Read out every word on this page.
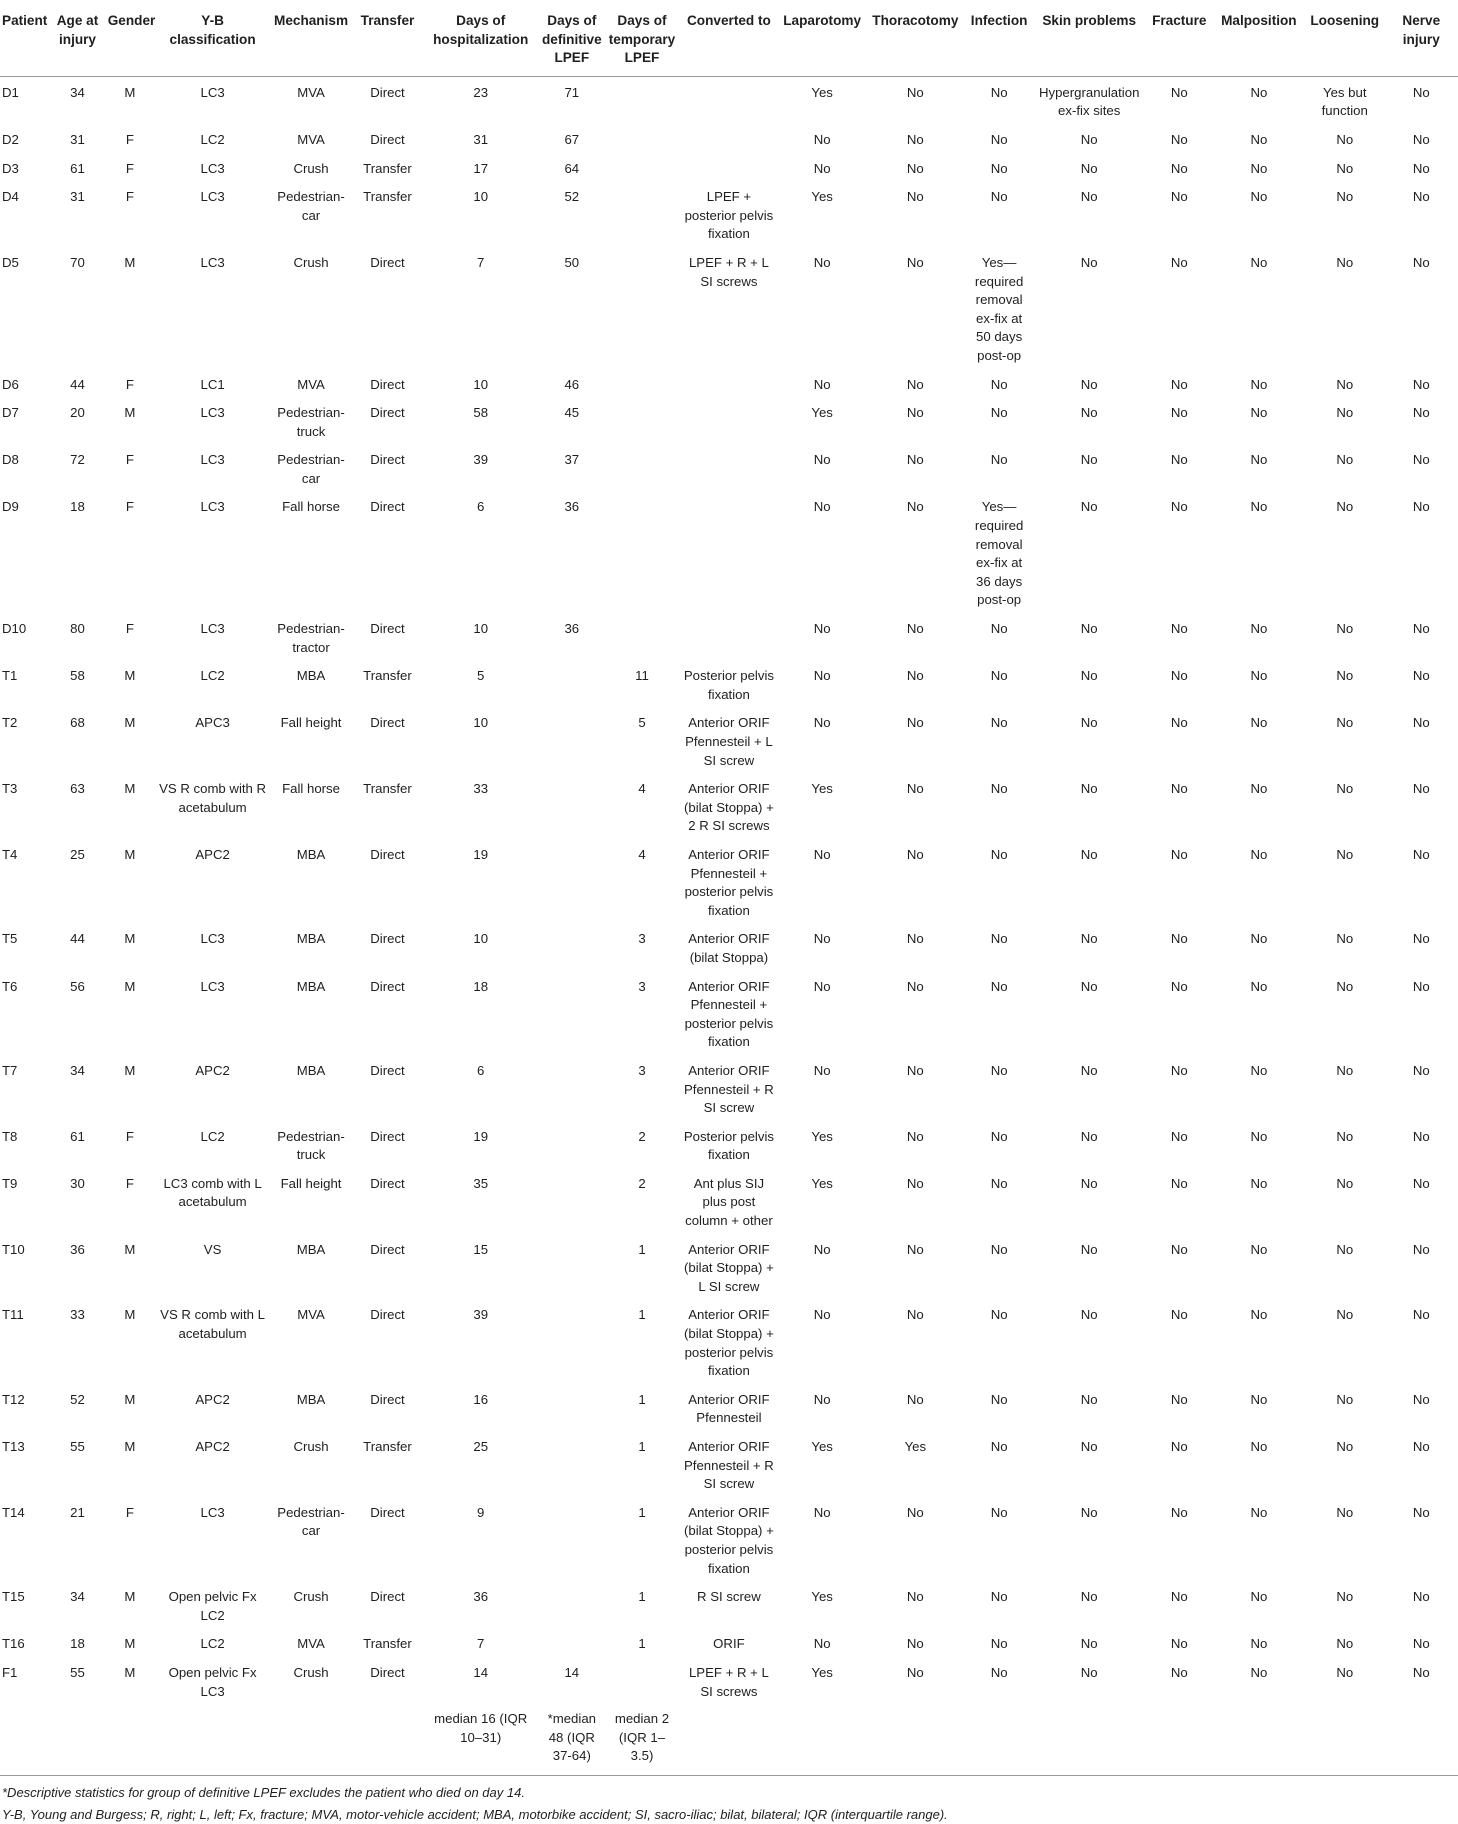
Patient	Age at injury	Gender	Y-B classification	Mechanism	Transfer	Days of hospitalization	Days of definitive LPEF	Days of temporary LPEF	Converted to	Laparotomy	Thoracotomy	Infection	Skin problems	Fracture	Malposition	Loosening	Nerve injury
D1	34	M	LC3	MVA	Direct	23	71			Yes	No	No	Hypergranulation ex-fix sites	No	No	Yes but function	No
D2	31	F	LC2	MVA	Direct	31	67			No	No	No	No	No	No	No	No
D3	61	F	LC3	Crush	Transfer	17	64			No	No	No	No	No	No	No	No
D4	31	F	LC3	Pedestrian-car	Transfer	10	52		LPEF + posterior pelvis fixation	Yes	No	No	No	No	No	No	No
D5	70	M	LC3	Crush	Direct	7	50		LPEF + R + L SI screws	No	No	Yes—required removal ex-fix at 50 days post-op	No	No	No	No	No
D6	44	F	LC1	MVA	Direct	10	46			No	No	No	No	No	No	No	No
D7	20	M	LC3	Pedestrian-truck	Direct	58	45			Yes	No	No	No	No	No	No	No
D8	72	F	LC3	Pedestrian-car	Direct	39	37			No	No	No	No	No	No	No	No
D9	18	F	LC3	Fall horse	Direct	6	36			No	No	Yes—required removal ex-fix at 36 days post-op	No	No	No	No	No
D10	80	F	LC3	Pedestrian-tractor	Direct	10	36			No	No	No	No	No	No	No	No
T1	58	M	LC2	MBA	Transfer	5		11	Posterior pelvis fixation	No	No	No	No	No	No	No	No
T2	68	M	APC3	Fall height	Direct	10		5	Anterior ORIF Pfennesteil + L SI screw	No	No	No	No	No	No	No	No
T3	63	M	VS R comb with R acetabulum	Fall horse	Transfer	33		4	Anterior ORIF (bilat Stoppa) + 2 R SI screws	Yes	No	No	No	No	No	No	No
T4	25	M	APC2	MBA	Direct	19		4	Anterior ORIF Pfennesteil + posterior pelvis fixation	No	No	No	No	No	No	No	No
T5	44	M	LC3	MBA	Direct	10		3	Anterior ORIF (bilat Stoppa)	No	No	No	No	No	No	No	No
T6	56	M	LC3	MBA	Direct	18		3	Anterior ORIF Pfennesteil + posterior pelvis fixation	No	No	No	No	No	No	No	No
T7	34	M	APC2	MBA	Direct	6		3	Anterior ORIF Pfennesteil + R SI screw	No	No	No	No	No	No	No	No
T8	61	F	LC2	Pedestrian-truck	Direct	19		2	Posterior pelvis fixation	Yes	No	No	No	No	No	No	No
T9	30	F	LC3 comb with L acetabulum	Fall height	Direct	35		2	Ant plus SIJ plus post column + other	Yes	No	No	No	No	No	No	No
T10	36	M	VS	MBA	Direct	15		1	Anterior ORIF (bilat Stoppa) + L SI screw	No	No	No	No	No	No	No	No
T11	33	M	VS R comb with L acetabulum	MVA	Direct	39		1	Anterior ORIF (bilat Stoppa) + posterior pelvis fixation	No	No	No	No	No	No	No	No
T12	52	M	APC2	MBA	Direct	16		1	Anterior ORIF Pfennesteil	No	No	No	No	No	No	No	No
T13	55	M	APC2	Crush	Transfer	25		1	Anterior ORIF Pfennesteil + R SI screw	Yes	Yes	No	No	No	No	No	No
T14	21	F	LC3	Pedestrian-car	Direct	9		1	Anterior ORIF (bilat Stoppa) + posterior pelvis fixation	No	No	No	No	No	No	No	No
T15	34	M	Open pelvic Fx LC2	Crush	Direct	36		1	R SI screw	Yes	No	No	No	No	No	No	No
T16	18	M	LC2	MVA	Transfer	7		1	ORIF	No	No	No	No	No	No	No	No
F1	55	M	Open pelvic Fx LC3	Crush	Direct	14	14		LPEF + R + L SI screws	Yes	No	No	No	No	No	No	No
						median 16 (IQR 10–31)	*median 48 (IQR 37-64)	median 2 (IQR 1–3.5)									

*Descriptive statistics for group of definitive LPEF excludes the patient who died on day 14.

Y-B, Young and Burgess; R, right; L, left; Fx, fracture; MVA, motor-vehicle accident; MBA, motorbike accident; SI, sacro-iliac; bilat, bilateral; IQR (interquartile range).
